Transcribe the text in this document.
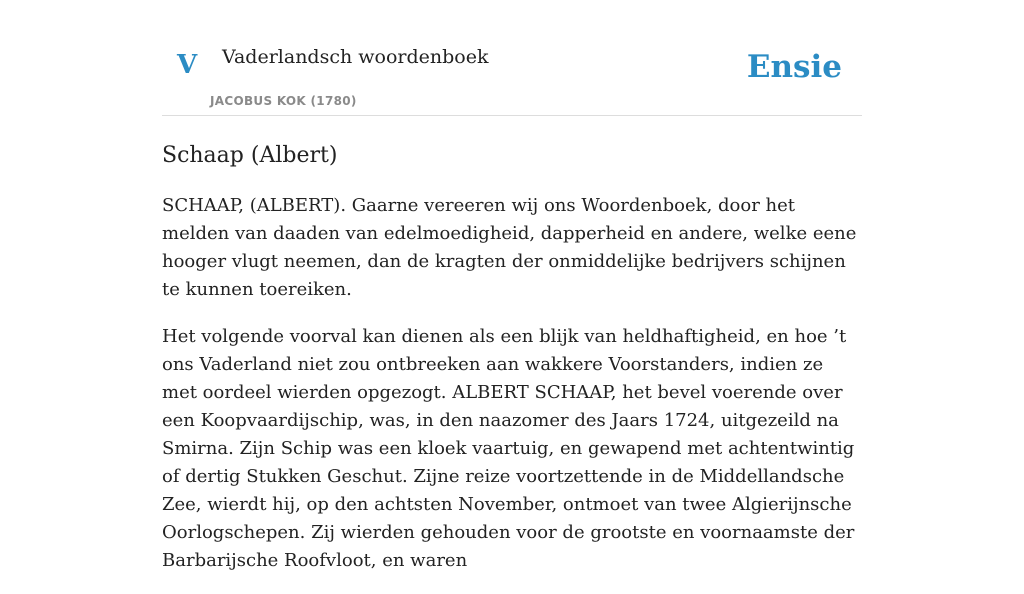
V Vaderlandsch woordenboek
JACOBUS KOK (1780)
Ensie
Schaap (Albert)

SCHAAP, (ALBERT). Gaarne vereeren wij ons Woordenboek, door het melden van daaden van edelmoedigheid, dapperheid en andere, welke eene hooger vlugt neemen, dan de kragten der onmiddelijke bedrijvers schijnen te kunnen toereiken.

Het volgende voorval kan dienen als een blijk van heldhaftigheid, en hoe ’t ons Vaderland niet zou ontbreeken aan wakkere Voorstanders, indien ze met oordeel wierden opgezogt. ALBERT SCHAAP, het bevel voerende over een Koopvaardijschip, was, in den naazomer des Jaars 1724, uitgezeild na Smirna. Zijn Schip was een kloek vaartuig, en gewapend met achtentwintig of dertig Stukken Geschut. Zijne reize voortzettende in de Middellandsche Zee, wierdt hij, op den achtsten November, ontmoet van twee Algierijnsche Oorlogschepen. Zij wierden gehouden voor de grootste en voornaamste der Barbarijsche Roofvloot, en waren
